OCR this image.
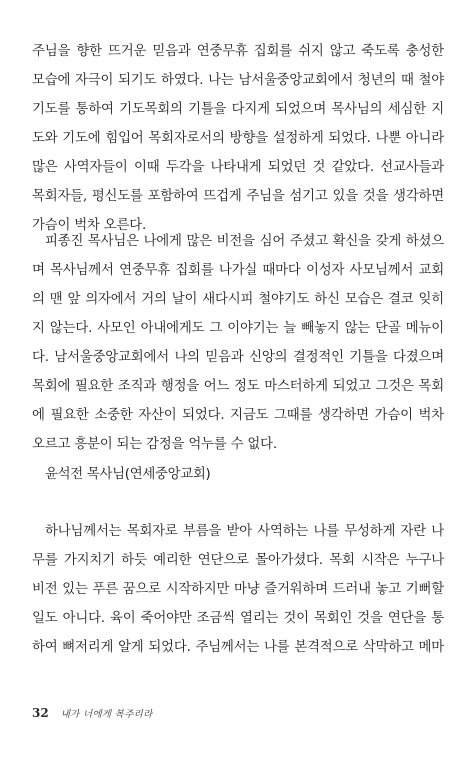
주님을 향한 뜨거운 믿음과 연중무휴 집회를 쉬지 않고 죽도록 충성한
모습에 자극이 되기도 하였다. 나는 남서울중앙교회에서 청년의 때 철야
기도를 통하여 기도목회의 기틀을 다지게 되었으며 목사님의 세심한 지
도와 기도에 힘입어 목회자로서의 방향을 설정하게 되었다. 나뿐 아니라
많은 사역자들이 이때 두각을 나타내게 되었던 것 같았다. 선교사들과
목회자들, 평신도를 포함하여 뜨겁게 주님을 섬기고 있을 것을 생각하면
가슴이 벅차 오른다.
피종진 목사님은 나에게 많은 비전을 심어 주셨고 확신을 갖게 하셨으
며 목사님께서 연중무휴 집회를 나가실 때마다 이성자 사모님께서 교회
의 맨 앞 의자에서 거의 날이 새다시피 철야기도 하신 모습은 결코 잊히
지 않는다. 사모인 아내에게도 그 이야기는 늘 빼놓지 않는 단골 메뉴이
다. 남서울중앙교회에서 나의 믿음과 신앙의 결정적인 기틀을 다졌으며
목회에 필요한 조직과 행정을 어느 정도 마스터하게 되었고 그것은 목회
에 필요한 소중한 자산이 되었다. 지금도 그때를 생각하면 가슴이 벅차
오르고 흥분이 되는 감정을 억누를 수 없다.
윤석전 목사님(연세중앙교회)
하나님께서는 목회자로 부름을 받아 사역하는 나를 무성하게 자란 나
무를 가지치기 하듯 예리한 연단으로 몰아가셨다. 목회 시작은 누구나
비전 있는 푸른 꿈으로 시작하지만 마냥 즐거워하며 드러내 놓고 기뻐할
일도 아니다. 육이 죽어야만 조금씩 열리는 것이 목회인 것을 연단을 통
하여 뼈저리게 알게 되었다. 주님께서는 나를 본격적으로 삭막하고 메마
32 내가 너에게 복주리라
